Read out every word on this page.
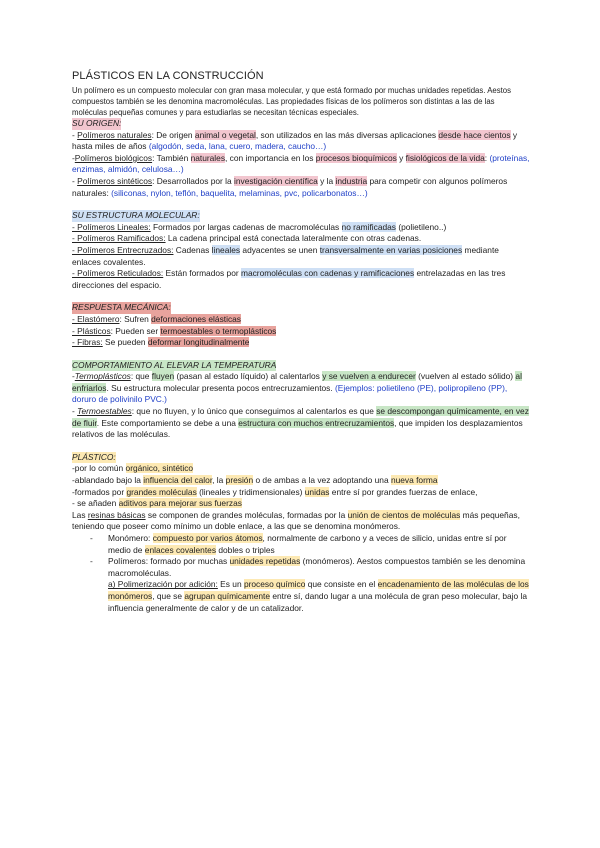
PLÁSTICOS EN LA CONSTRUCCIÓN

Un polímero es un compuesto molecular con gran masa molecular, y que está formado por muchas unidades repetidas. Aestos compuestos también se les denomina macromoléculas. Las propiedades físicas de los polímeros son distintas a las de las moléculas pequeñas comunes y para estudiarlas se necesitan técnicas especiales.

SU ORIGEN:

- Polímeros naturales: De origen animal o vegetal, son utilizados en las más diversas aplicaciones desde hace cientos y hasta miles de años (algodón, seda, lana, cuero, madera, caucho…)

-Polímeros biológicos: También naturales, con importancia en los procesos bioquímicos y fisiológicos de la vida: (proteínas, enzimas, almidón, celulosa…)

- Polímeros sintéticos: Desarrollados por la investigación científica y la industria para competir con algunos polímeros naturales: (siliconas, nylon, teflón, baquelita, melaminas, pvc, policarbonatos…)

SU ESTRUCTURA MOLECULAR:

- Polímeros Lineales: Formados por largas cadenas de macromoléculas no ramificadas (polietileno..)

- Polímeros Ramificados: La cadena principal está conectada lateralmente con otras cadenas.

- Polímeros Entrecruzados: Cadenas lineales adyacentes se unen transversalmente en varias posiciones mediante enlaces covalentes.

- Polímeros Reticulados: Están formados por macromoléculas con cadenas y ramificaciones entrelazadas en las tres direcciones del espacio.

RESPUESTA MECÁNICA:

- Elastómero: Sufren deformaciones elásticas

- Plásticos: Pueden ser termoestables o termoplásticos

- Fibras: Se pueden deformar longitudinalmente

COMPORTAMIENTO AL ELEVAR LA TEMPERATURA

-Termoplásticos: que fluyen (pasan al estado líquido) al calentarlos y se vuelven a endurecer (vuelven al estado sólido) al enfriarlos. Su estructura molecular presenta pocos entrecruzamientos. (Ejemplos: polietileno (PE), polipropileno (PP), doruro de polivinilo PVC.)

- Termoestables: que no fluyen, y lo único que conseguimos al calentarlos es que se descompongan químicamente, en vez de fluir. Este comportamiento se debe a una estructura con muchos entrecruzamientos, que impiden los desplazamientos relativos de las moléculas.

PLÁSTICO:

-por lo común orgánico, sintético

-ablandado bajo la influencia del calor, la presión o de ambas a la vez adoptando una nueva forma

-formados por grandes moléculas (lineales y tridimensionales) unidas entre sí por grandes fuerzas de enlace,

- se añaden aditivos para mejorar sus fuerzas

Las resinas básicas se componen de grandes moléculas, formadas por la unión de cientos de moléculas más pequeñas, teniendo que poseer como mínimo un doble enlace, a las que se denomina monómeros.

- Monómero: compuesto por varios átomos, normalmente de carbono y a veces de silicio, unidas entre sí por medio de enlaces covalentes dobles o triples

- Polímeros: formado por muchas unidades repetidas (monómeros). Aestos compuestos también se les denomina macromoléculas.

a) Polimerización por adición: Es un proceso químico que consiste en el encadenamiento de las moléculas de los monómeros, que se agrupan químicamente entre sí, dando lugar a una molécula de gran peso molecular, bajo la influencia generalmente de calor y de un catalizador.
